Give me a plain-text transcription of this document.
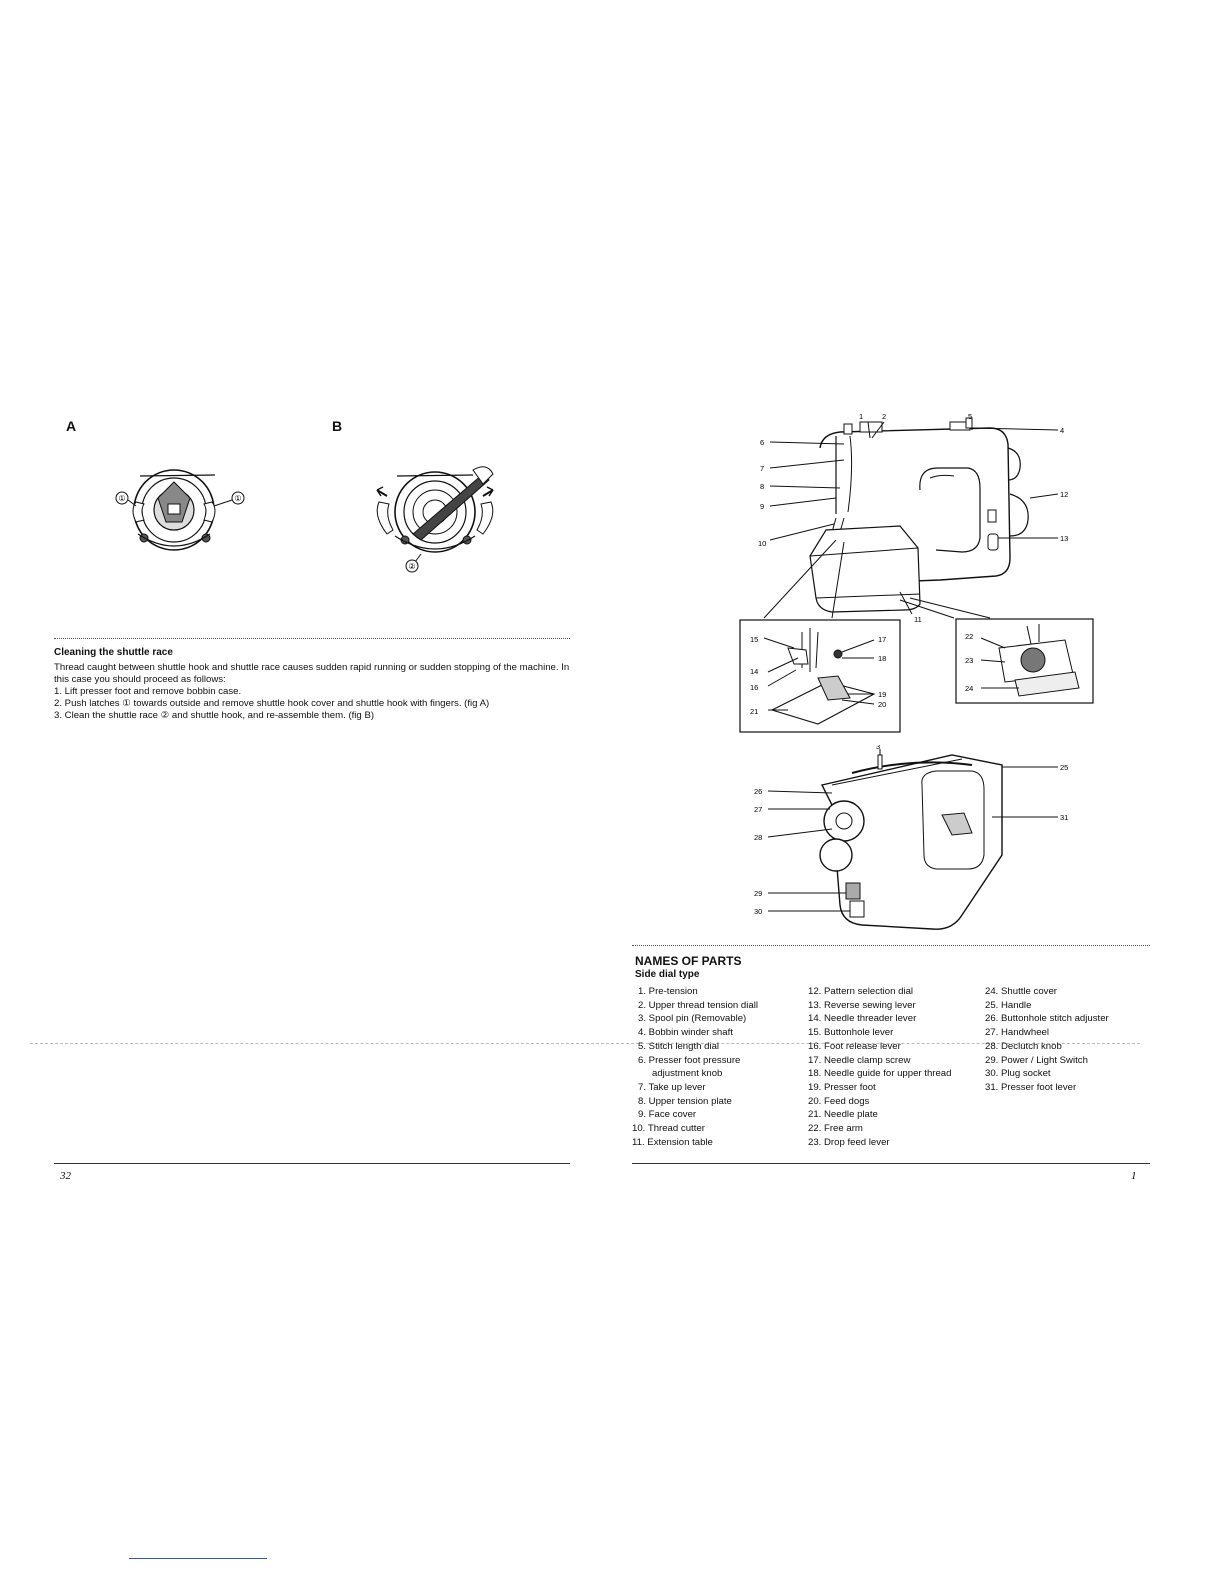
A	B
①	①
②
Cleaning the shuttle race
Thread caught between shuttle hook and shuttle race causes sudden rapid running or sudden stopping of the machine. In this case you should proceed as follows:
1. Lift presser foot and remove bobbin case.
2. Push latches ① towards outside and remove shuttle hook cover and shuttle hook with fingers. (fig A)
3. Clean the shuttle race ② and shuttle hook, and re-assemble them. (fig B)
32
1	2	5
4
6
7
8
9
10
12
13
11
15
14
16
21
17
18
19
20
22
23
24
3
25
31
26
27
28
29
30
NAMES OF PARTS
Side dial type
1. Pre-tension
2. Upper thread tension diall
3. Spool pin (Removable)
4. Bobbin winder shaft
5. Stitch length dial
6. Presser foot pressure
adjustment knob
7. Take up lever
8. Upper tension plate
9. Face cover
10. Thread cutter
11. Extension table
12. Pattern selection dial
13. Reverse sewing lever
14. Needle threader lever
15. Buttonhole lever
16. Foot release lever
17. Needle clamp screw
18. Needle guide for upper thread
19. Presser foot
20. Feed dogs
21. Needle plate
22. Free arm
23. Drop feed lever
24. Shuttle cover
25. Handle
26. Buttonhole stitch adjuster
27. Handwheel
28. Declutch knob
29. Power / Light Switch
30. Plug socket
31. Presser foot lever
1
